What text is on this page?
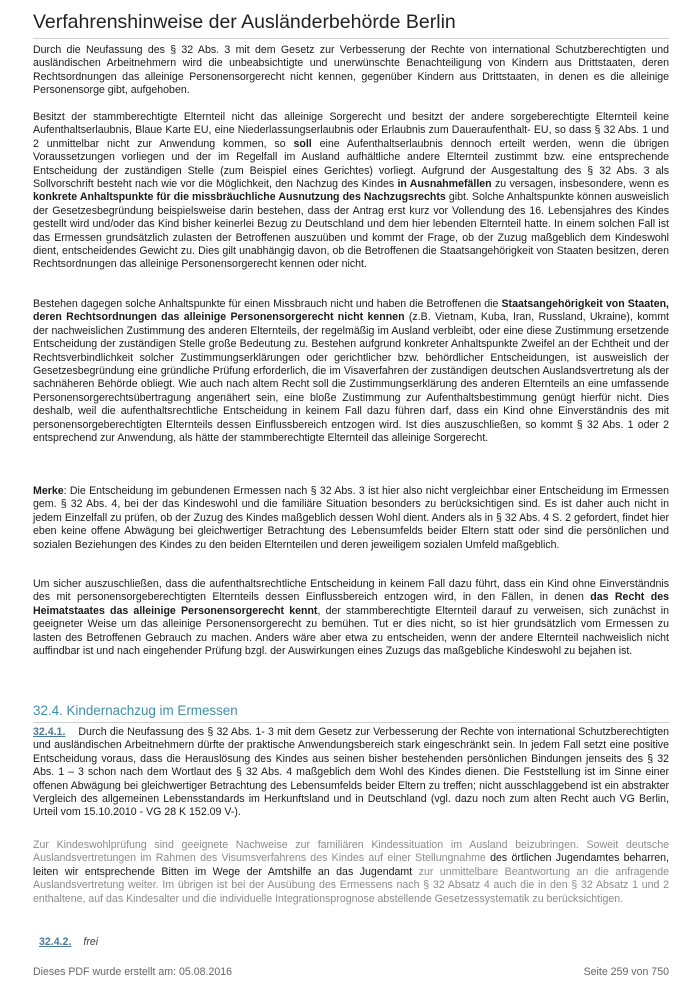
Verfahrenshinweise der Ausländerbehörde Berlin

Durch die Neufassung des § 32 Abs. 3 mit dem Gesetz zur Verbesserung der Rechte von international Schutzberechtigten und ausländischen Arbeitnehmern wird die unbeabsichtigte und unerwünschte Benachteiligung von Kindern aus Drittstaaten, deren Rechtsordnungen das alleinige Personensorgerecht nicht kennen, gegenüber Kindern aus Drittstaaten, in denen es die alleinige Personensorge gibt, aufgehoben.

Besitzt der stammberechtigte Elternteil nicht das alleinige Sorgerecht und besitzt der andere sorgeberechtigte Elternteil keine Aufenthaltserlaubnis, Blaue Karte EU, eine Niederlassungserlaubnis oder Erlaubnis zum Daueraufenthalt- EU, so dass § 32 Abs. 1 und 2 unmittelbar nicht zur Anwendung kommen, so soll eine Aufenthaltserlaubnis dennoch erteilt werden, wenn die übrigen Voraussetzungen vorliegen und der im Regelfall im Ausland aufhältliche andere Elternteil zustimmt bzw. eine entsprechende Entscheidung der zuständigen Stelle (zum Beispiel eines Gerichtes) vorliegt. Aufgrund der Ausgestaltung des § 32 Abs. 3 als Sollvorschrift besteht nach wie vor die Möglichkeit, den Nachzug des Kindes in Ausnahmefällen zu versagen, insbesondere, wenn es konkrete Anhaltspunkte für die missbräuchliche Ausnutzung des Nachzugsrechts gibt. Solche Anhaltspunkte können ausweislich der Gesetzesbegründung beispielsweise darin bestehen, dass der Antrag erst kurz vor Vollendung des 16. Lebensjahres des Kindes gestellt wird und/oder das Kind bisher keinerlei Bezug zu Deutschland und dem hier lebenden Elternteil hatte. In einem solchen Fall ist das Ermessen grundsätzlich zulasten der Betroffenen auszuüben und kommt der Frage, ob der Zuzug maßgeblich dem Kindeswohl dient, entscheidendes Gewicht zu. Dies gilt unabhängig davon, ob die Betroffenen die Staatsangehörigkeit von Staaten besitzen, deren Rechtsordnungen das alleinige Personensorgerecht kennen oder nicht.

Bestehen dagegen solche Anhaltspunkte für einen Missbrauch nicht und haben die Betroffenen die Staatsangehörigkeit von Staaten, deren Rechtsordnungen das alleinige Personensorgerecht nicht kennen (z.B. Vietnam, Kuba, Iran, Russland, Ukraine), kommt der nachweislichen Zustimmung des anderen Elternteils, der regelmäßig im Ausland verbleibt, oder eine diese Zustimmung ersetzende Entscheidung der zuständigen Stelle große Bedeutung zu. Bestehen aufgrund konkreter Anhaltspunkte Zweifel an der Echtheit und der Rechtsverbindlichkeit solcher Zustimmungserklärungen oder gerichtlicher bzw. behördlicher Entscheidungen, ist ausweislich der Gesetzesbegründung eine gründliche Prüfung erforderlich, die im Visaverfahren der zuständigen deutschen Auslandsvertretung als der sachnäheren Behörde obliegt. Wie auch nach altem Recht soll die Zustimmungserklärung des anderen Elternteils an eine umfassende Personensorgerechtsübertragung angenähert sein, eine bloße Zustimmung zur Aufenthaltsbestimmung genügt hierfür nicht. Dies deshalb, weil die aufenthaltsrechtliche Entscheidung in keinem Fall dazu führen darf, dass ein Kind ohne Einverständnis des mit personensorgeberechtigten Elternteils dessen Einflussbereich entzogen wird. Ist dies auszuschließen, so kommt § 32 Abs. 1 oder 2 entsprechend zur Anwendung, als hätte der stammberechtigte Elternteil das alleinige Sorgerecht.

Merke: Die Entscheidung im gebundenen Ermessen nach § 32 Abs. 3 ist hier also nicht vergleichbar einer Entscheidung im Ermessen gem. § 32 Abs. 4, bei der das Kindeswohl und die familiäre Situation besonders zu berücksichtigen sind. Es ist daher auch nicht in jedem Einzelfall zu prüfen, ob der Zuzug des Kindes maßgeblich dessen Wohl dient. Anders als in § 32 Abs. 4 S. 2 gefordert, findet hier eben keine offene Abwägung bei gleichwertiger Betrachtung des Lebensumfelds beider Eltern statt oder sind die persönlichen und sozialen Beziehungen des Kindes zu den beiden Elternteilen und deren jeweiligem sozialen Umfeld maßgeblich.

Um sicher auszuschließen, dass die aufenthaltsrechtliche Entscheidung in keinem Fall dazu führt, dass ein Kind ohne Einverständnis des mit personensorgeberechtigten Elternteils dessen Einflussbereich entzogen wird, in den Fällen, in denen das Recht des Heimatstaates das alleinige Personensorgerecht kennt, der stammberechtigte Elternteil darauf zu verweisen, sich zunächst in geeigneter Weise um das alleinige Personensorgerecht zu bemühen. Tut er dies nicht, so ist hier grundsätzlich vom Ermessen zu lasten des Betroffenen Gebrauch zu machen. Anders wäre aber etwa zu entscheiden, wenn der andere Elternteil nachweislich nicht auffindbar ist und nach eingehender Prüfung bzgl. der Auswirkungen eines Zuzugs das maßgebliche Kindeswohl zu bejahen ist.

32.4. Kindernachzug im Ermessen

32.4.1. Durch die Neufassung des § 32 Abs. 1- 3 mit dem Gesetz zur Verbesserung der Rechte von international Schutzberechtigten und ausländischen Arbeitnehmern dürfte der praktische Anwendungsbereich stark eingeschränkt sein. In jedem Fall setzt eine positive Entscheidung voraus, dass die Herauslösung des Kindes aus seinen bisher bestehenden persönlichen Bindungen jenseits des § 32 Abs. 1 – 3 schon nach dem Wortlaut des § 32 Abs. 4 maßgeblich dem Wohl des Kindes dienen. Die Feststellung ist im Sinne einer offenen Abwägung bei gleichwertiger Betrachtung des Lebensumfelds beider Eltern zu treffen; nicht ausschlaggebend ist ein abstrakter Vergleich des allgemeinen Lebensstandards im Herkunftsland und in Deutschland (vgl. dazu noch zum alten Recht auch VG Berlin, Urteil vom 15.10.2010 - VG 28 K 152.09 V-).

Zur Kindeswohlprüfung sind geeignete Nachweise zur familiären Kindessituation im Ausland beizubringen. Soweit deutsche Auslandsvertretungen im Rahmen des Visumsverfahrens des Kindes auf einer Stellungnahme des örtlichen Jugendamtes beharren, leiten wir entsprechende Bitten im Wege der Amtshilfe an das Jugendamt zur unmittelbare Beantwortung an die anfragende Auslandsvertretung weiter. Im übrigen ist bei der Ausübung des Ermessens nach § 32 Absatz 4 auch die in den § 32 Absatz 1 und 2 enthaltene, auf das Kindesalter und die individuelle Integrationsprognose abstellende Gesetzessystematik zu berücksichtigen.

32.4.2. frei

Dieses PDF wurde erstellt am: 05.08.2016	Seite 259 von 750
